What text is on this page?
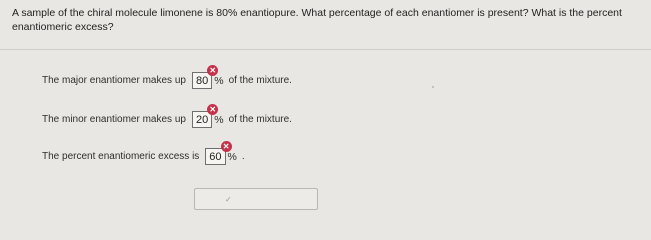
A sample of the chiral molecule limonene is 80% enantiopure. What percentage of each enantiomer is present? What is the percent enantiomeric excess?
The major enantiomer makes up 80
✕
% of the mixture.
The minor enantiomer makes up 20
✕
% of the mixture.
The percent enantiomeric excess is 60
✕
% .
✓
